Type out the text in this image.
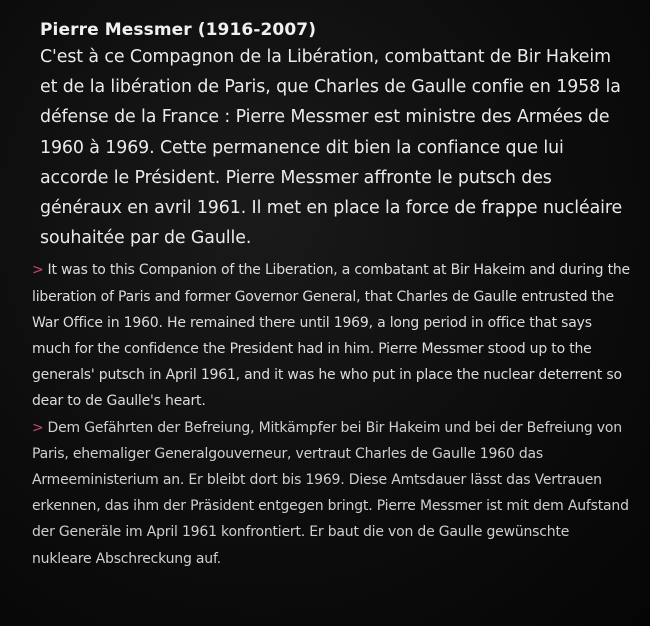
Pierre Messmer (1916-2007)
C'est à ce Compagnon de la Libération, combattant de Bir Hakeim et de la libération de Paris, que Charles de Gaulle confie en 1958 la défense de la France : Pierre Messmer est ministre des Armées de 1960 à 1969. Cette permanence dit bien la confiance que lui accorde le Président. Pierre Messmer affronte le putsch des généraux en avril 1961. Il met en place la force de frappe nucléaire souhaitée par de Gaulle.
> It was to this Companion of the Liberation, a combatant at Bir Hakeim and during the liberation of Paris and former Governor General, that Charles de Gaulle entrusted the War Office in 1960. He remained there until 1969, a long period in office that says much for the confidence the President had in him. Pierre Messmer stood up to the generals' putsch in April 1961, and it was he who put in place the nuclear deterrent so dear to de Gaulle's heart.
> Dem Gefährten der Befreiung, Mitkämpfer bei Bir Hakeim und bei der Befreiung von Paris, ehemaliger Generalgouverneur, vertraut Charles de Gaulle 1960 das Armeeministerium an. Er bleibt dort bis 1969. Diese Amtsdauer lässt das Vertrauen erkennen, das ihm der Präsident entgegen bringt. Pierre Messmer ist mit dem Aufstand der Generäle im April 1961 konfrontiert. Er baut die von de Gaulle gewünschte nukleare Abschreckung auf.
